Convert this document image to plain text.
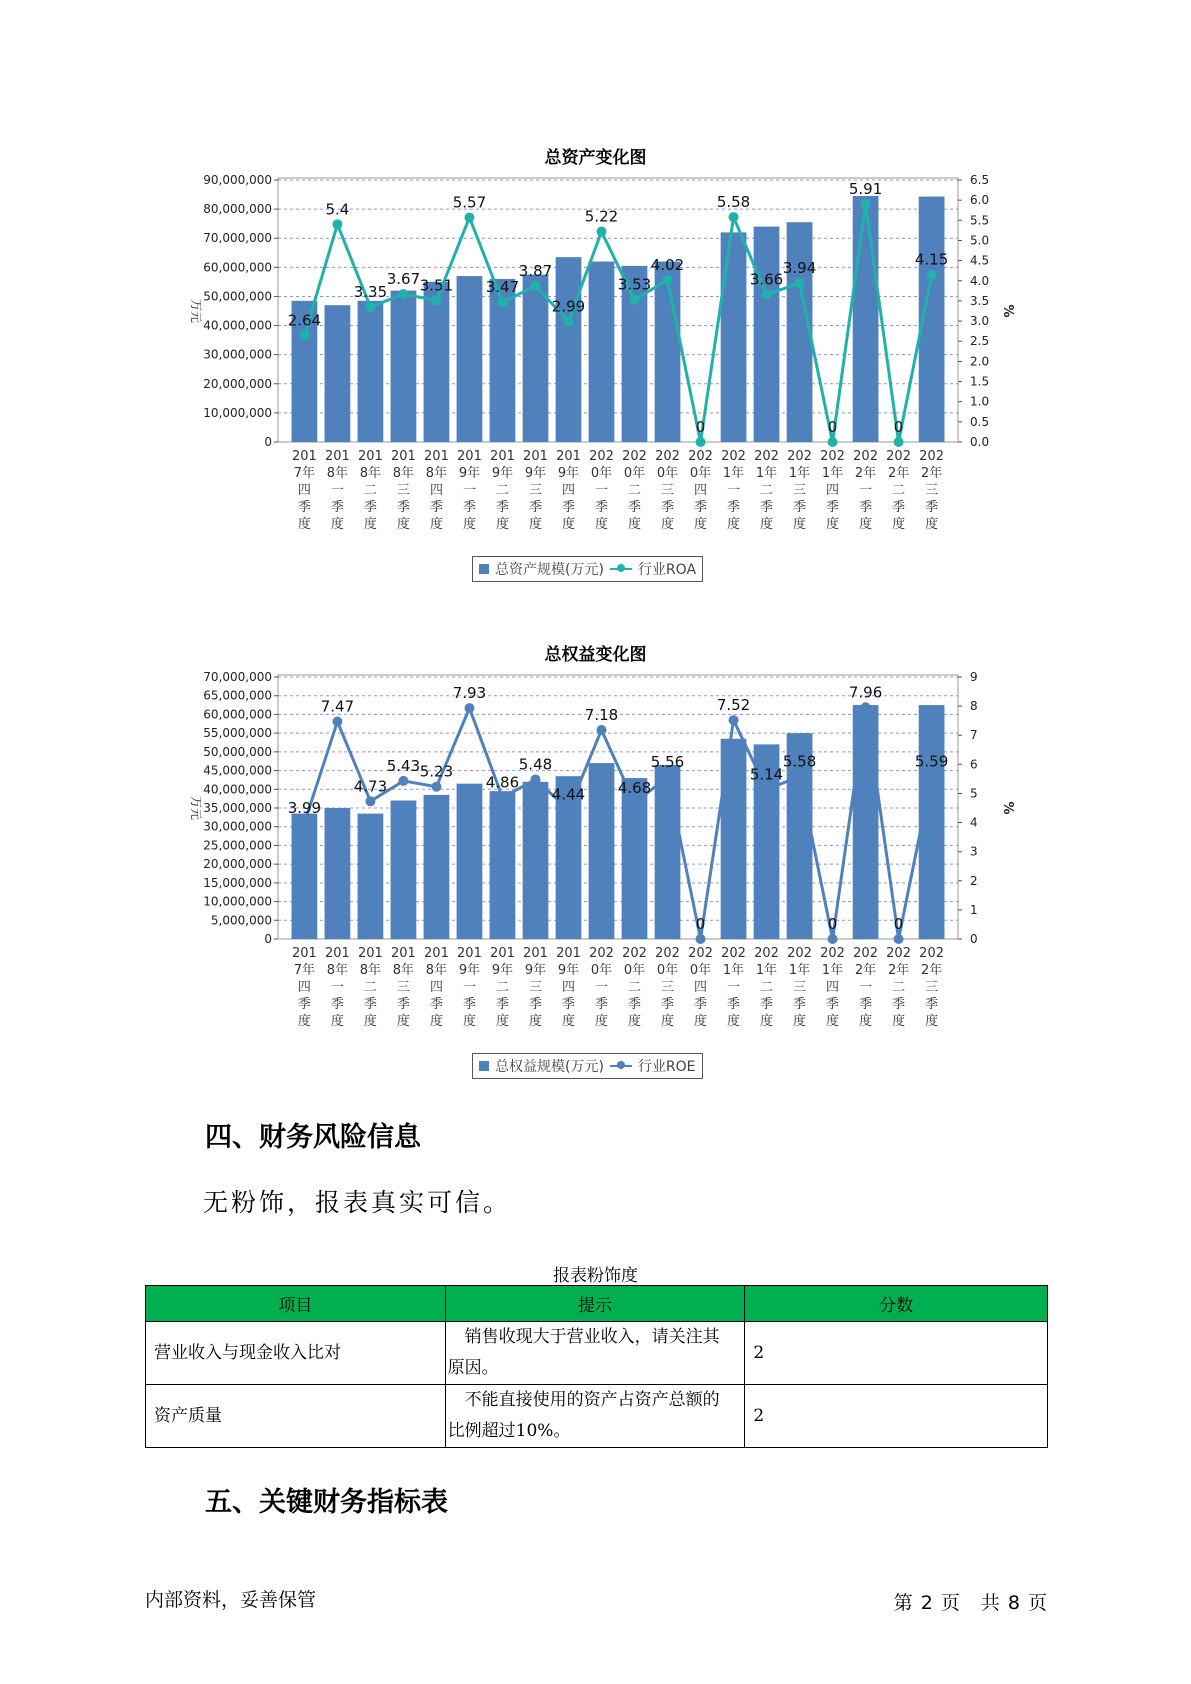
总资产变化图
0
10,000,000
20,000,000
30,000,000
40,000,000
50,000,000
60,000,000
70,000,000
80,000,000
90,000,000
0.0
0.5
1.0
1.5
2.0
2.5
3.0
3.5
4.0
4.5
5.0
5.5
6.0
6.5
万元	%
201
7年
四
季
度
201
8年
一
季
度
201
8年
二
季
度
201
8年
三
季
度
201
8年
四
季
度
201
9年
一
季
度
201
9年
二
季
度
201
9年
三
季
度
201
9年
四
季
度
202
0年
一
季
度
202
0年
二
季
度
202
0年
三
季
度
202
0年
四
季
度
202
1年
一
季
度
202
1年
二
季
度
202
1年
三
季
度
202
1年
四
季
度
202
2年
一
季
度
202
2年
二
季
度
202
2年
三
季
度
2.64
5.4
3.35
3.67 3.51
5.57
3.47
3.87
2.99
5.22
3.53
4.02
0
5.58
3.66
3.94
0
5.91
0
4.15
总资产规模(万元) 行业ROA
总权益变化图
0
5,000,000
10,000,000
15,000,000
20,000,000
25,000,000
30,000,000
35,000,000
40,000,000
45,000,000
50,000,000
55,000,000
60,000,000
65,000,000
70,000,000
0
1
2
3
4
5
6
7
8
9
万元	%
201
7年
四
季
度
201
8年
一
季
度
201
8年
二
季
度
201
8年
三
季
度
201
8年
四
季
度
201
9年
一
季
度
201
9年
二
季
度
201
9年
三
季
度
201
9年
四
季
度
202
0年
一
季
度
202
0年
二
季
度
202
0年
三
季
度
202
0年
四
季
度
202
1年
一
季
度
202
1年
二
季
度
202
1年
三
季
度
202
1年
四
季
度
202
2年
一
季
度
202
2年
二
季
度
202
2年
三
季
度
3.99
7.47
4.73
5.43 5.23
7.93
4.86
5.48
4.44
7.18
4.68
5.56
0
7.52
5.14
5.58
0
7.96
0
5.59
总权益规模(万元) 行业ROE
四、财务风险信息
无粉饰，报表真实可信。
报表粉饰度
项目	提示	分数
营业收入与现金收入比对	　销售收现大于营业收入，请关注其原因。	2
资产质量	　不能直接使用的资产占资产总额的比例超过10%。	2
五、关键财务指标表
内部资料，妥善保管	第 2 页　共 8 页
